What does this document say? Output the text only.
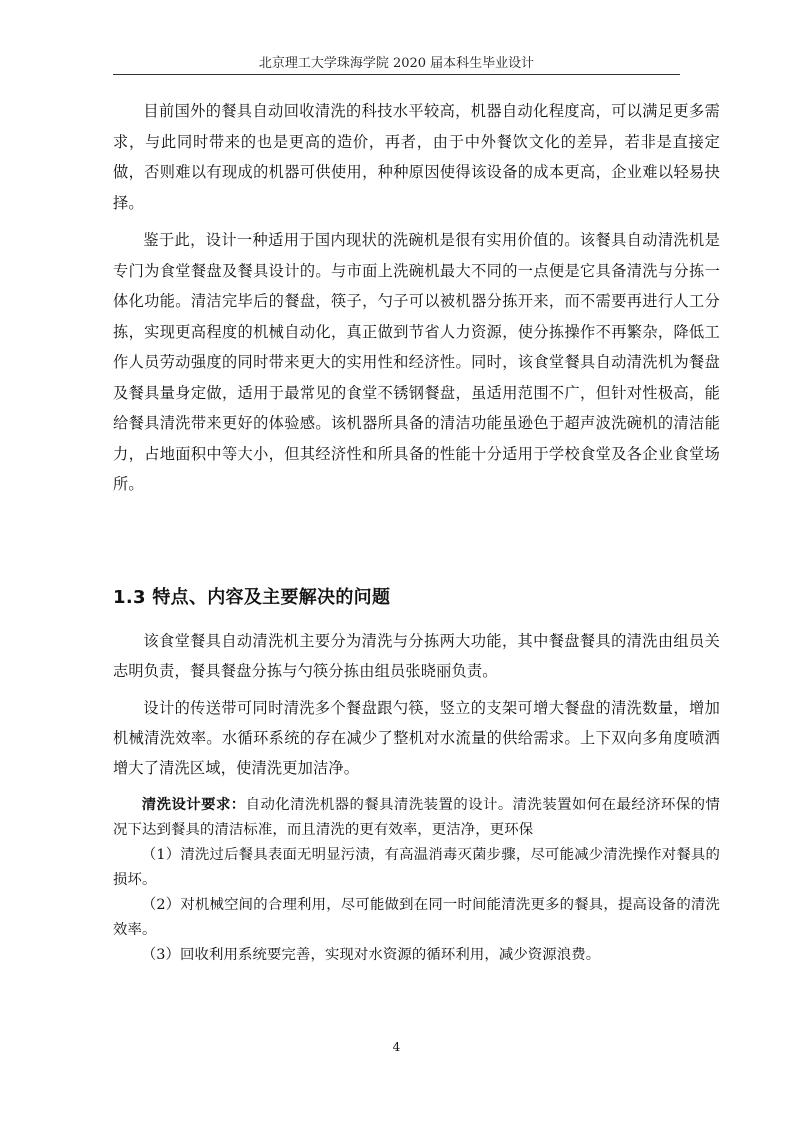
北京理工大学珠海学院 2020 届本科生毕业设计

目前国外的餐具自动回收清洗的科技水平较高，机器自动化程度高，可以满足更多需求，与此同时带来的也是更高的造价，再者，由于中外餐饮文化的差异，若非是直接定做，否则难以有现成的机器可供使用，种种原因使得该设备的成本更高，企业难以轻易抉择。

鉴于此，设计一种适用于国内现状的洗碗机是很有实用价值的。该餐具自动清洗机是专门为食堂餐盘及餐具设计的。与市面上洗碗机最大不同的一点便是它具备清洗与分拣一体化功能。清洁完毕后的餐盘，筷子，勺子可以被机器分拣开来，而不需要再进行人工分拣，实现更高程度的机械自动化，真正做到节省人力资源，使分拣操作不再繁杂，降低工作人员劳动强度的同时带来更大的实用性和经济性。同时，该食堂餐具自动清洗机为餐盘及餐具量身定做，适用于最常见的食堂不锈钢餐盘，虽适用范围不广，但针对性极高，能给餐具清洗带来更好的体验感。该机器所具备的清洁功能虽逊色于超声波洗碗机的清洁能力，占地面积中等大小，但其经济性和所具备的性能十分适用于学校食堂及各企业食堂场所。

1.3 特点、内容及主要解决的问题

该食堂餐具自动清洗机主要分为清洗与分拣两大功能，其中餐盘餐具的清洗由组员关志明负责，餐具餐盘分拣与勺筷分拣由组员张晓丽负责。

设计的传送带可同时清洗多个餐盘跟勺筷，竖立的支架可增大餐盘的清洗数量，增加机械清洗效率。水循环系统的存在减少了整机对水流量的供给需求。上下双向多角度喷洒增大了清洗区域，使清洗更加洁净。

清洗设计要求：自动化清洗机器的餐具清洗装置的设计。清洗装置如何在最经济环保的情况下达到餐具的清洁标准，而且清洗的更有效率，更洁净，更环保

（1）清洗过后餐具表面无明显污渍，有高温消毒灭菌步骤，尽可能减少清洗操作对餐具的损坏。

（2）对机械空间的合理利用，尽可能做到在同一时间能清洗更多的餐具，提高设备的清洗效率。

（3）回收利用系统要完善，实现对水资源的循环利用，减少资源浪费。

4
